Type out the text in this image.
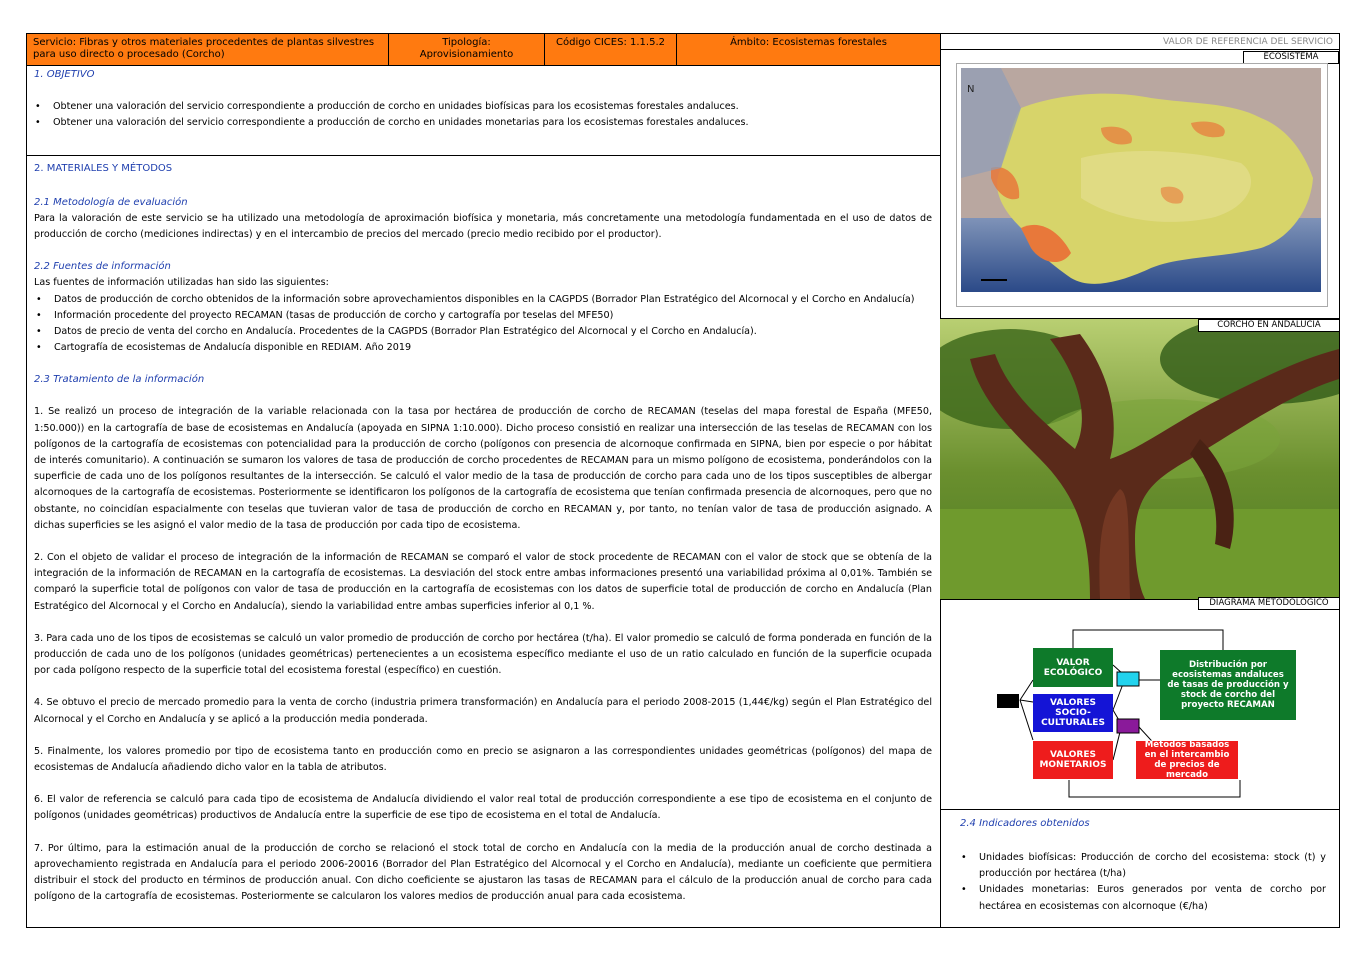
Servicio: Fibras y otros materiales procedentes de plantas silvestres para uso directo o procesado (Corcho)
Tipología: Aprovisionamiento
Código CICES: 1.1.5.2	Ámbito: Ecosistemas forestales
1. OBJETIVO
• Obtener una valoración del servicio correspondiente a producción de corcho en unidades biofísicas para los ecosistemas forestales andaluces.
• Obtener una valoración del servicio correspondiente a producción de corcho en unidades monetarias para los ecosistemas forestales andaluces.
2. MATERIALES Y MÉTODOS
2.1 Metodología de evaluación

Para la valoración de este servicio se ha utilizado una metodología de aproximación biofísica y monetaria, más concretamente una metodología fundamentada en el uso de datos de producción de corcho (mediciones indirectas) y en el intercambio de precios del mercado (precio medio recibido por el productor).

2.2 Fuentes de información

Las fuentes de información utilizadas han sido las siguientes:

• Datos de producción de corcho obtenidos de la información sobre aprovechamientos disponibles en la CAGPDS (Borrador Plan Estratégico del Alcornocal y el Corcho en Andalucía)
• Información procedente del proyecto RECAMAN (tasas de producción de corcho y cartografía por teselas del MFE50)
• Datos de precio de venta del corcho en Andalucía. Procedentes de la CAGPDS (Borrador Plan Estratégico del Alcornocal y el Corcho en Andalucía).
• Cartografía de ecosistemas de Andalucía disponible en REDIAM. Año 2019
2.3 Tratamiento de la información

1. Se realizó un proceso de integración de la variable relacionada con la tasa por hectárea de producción de corcho de RECAMAN (teselas del mapa forestal de España (MFE50, 1:50.000)) en la cartografía de base de ecosistemas en Andalucía (apoyada en SIPNA 1:10.000). Dicho proceso consistió en realizar una intersección de las teselas de RECAMAN con los polígonos de la cartografía de ecosistemas con potencialidad para la producción de corcho (polígonos con presencia de alcornoque confirmada en SIPNA, bien por especie o por hábitat de interés comunitario). A continuación se sumaron los valores de tasa de producción de corcho procedentes de RECAMAN para un mismo polígono de ecosistema, ponderándolos con la superficie de cada uno de los polígonos resultantes de la intersección. Se calculó el valor medio de la tasa de producción de corcho para cada uno de los tipos susceptibles de albergar alcornoques de la cartografía de ecosistemas. Posteriormente se identificaron los polígonos de la cartografía de ecosistema que tenían confirmada presencia de alcornoques, pero que no obstante, no coincidían espacialmente con teselas que tuvieran valor de tasa de producción de corcho en RECAMAN y, por tanto, no tenían valor de tasa de producción asignado. A dichas superficies se les asignó el valor medio de la tasa de producción por cada tipo de ecosistema.

2. Con el objeto de validar el proceso de integración de la información de RECAMAN se comparó el valor de stock procedente de RECAMAN con el valor de stock que se obtenía de la integración de la información de RECAMAN en la cartografía de ecosistemas. La desviación del stock entre ambas informaciones presentó una variabilidad próxima al 0,01%. También se comparó la superficie total de polígonos con valor de tasa de producción en la cartografía de ecosistemas con los datos de superficie total de producción de corcho en Andalucía (Plan Estratégico del Alcornocal y el Corcho en Andalucía), siendo la variabilidad entre ambas superficies inferior al 0,1 %.

3. Para cada uno de los tipos de ecosistemas se calculó un valor promedio de producción de corcho por hectárea (t/ha). El valor promedio se calculó de forma ponderada en función de la producción de cada uno de los polígonos (unidades geométricas) pertenecientes a un ecosistema específico mediante el uso de un ratio calculado en función de la superficie ocupada por cada polígono respecto de la superficie total del ecosistema forestal (específico) en cuestión.

4. Se obtuvo el precio de mercado promedio para la venta de corcho (industria primera transformación) en Andalucía para el periodo 2008-2015 (1,44€/kg) según el Plan Estratégico del Alcornocal y el Corcho en Andalucía y se aplicó a la producción media ponderada.

5. Finalmente, los valores promedio por tipo de ecosistema tanto en producción como en precio se asignaron a las correspondientes unidades geométricas (polígonos) del mapa de ecosistemas de Andalucía añadiendo dicho valor en la tabla de atributos.

6. El valor de referencia se calculó para cada tipo de ecosistema de Andalucía dividiendo el valor real total de producción correspondiente a ese tipo de ecosistema en el conjunto de polígonos (unidades geométricas) productivos de Andalucía entre la superficie de ese tipo de ecosistema en el total de Andalucía.

7. Por último, para la estimación anual de la producción de corcho se relacionó el stock total de corcho en Andalucía con la media de la producción anual de corcho destinada a aprovechamiento registrada en Andalucía para el periodo 2006-20016 (Borrador del Plan Estratégico del Alcornocal y el Corcho en Andalucía), mediante un coeficiente que permitiera distribuir el stock del producto en términos de producción anual. Con dicho coeficiente se ajustaron las tasas de RECAMAN para el cálculo de la producción anual de corcho para cada polígono de la cartografía de ecosistemas. Posteriormente se calcularon los valores medios de producción anual para cada ecosistema.

VALOR DE REFERENCIA DEL SERVICIO
ECOSISTEMA
N
CORCHO EN ANDALUCIA
DIAGRAMA METODOLOGICO
VALOR ECOLÓGICO
VALORES SOCIO-CULTURALES
VALORES MONETARIOS
Distribución por ecosistemas andaluces de tasas de producción y stock de corcho del proyecto RECAMAN
Métodos basados en el intercambio de precios de mercado
2.4 Indicadores obtenidos
• Unidades biofísicas: Producción de corcho del ecosistema: stock (t) y producción por hectárea (t/ha)
• Unidades monetarias: Euros generados por venta de corcho por hectárea en ecosistemas con alcornoque (€/ha)
